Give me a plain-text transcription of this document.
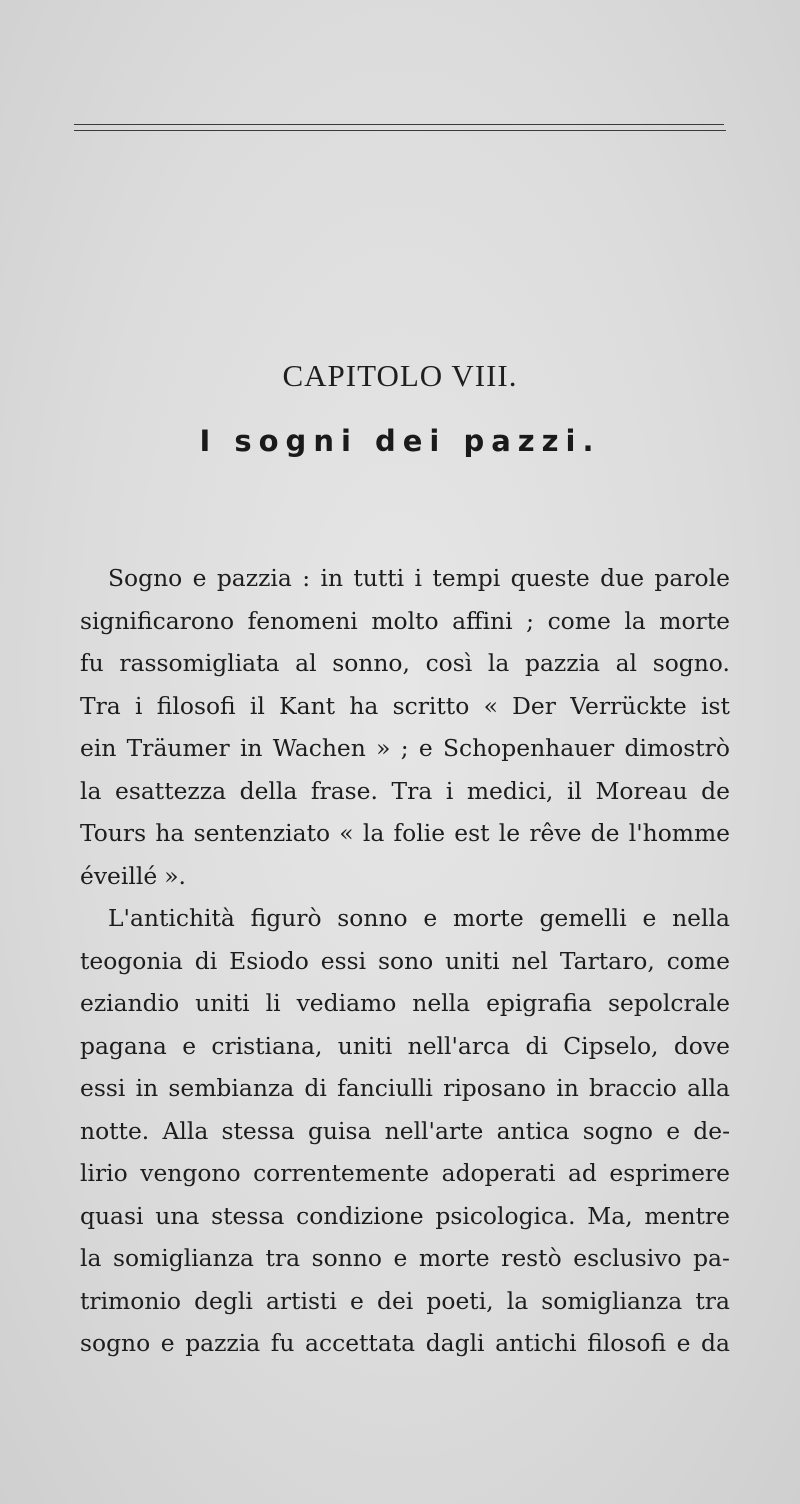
CAPITOLO VIII.
I sogni dei pazzi.
Sogno e pazzia : in tutti i tempi queste due parole
significarono fenomeni molto affini ; come la morte
fu rassomigliata al sonno, così la pazzia al sogno.
Tra i filosofi il Kant ha scritto « Der Verrückte ist
ein Träumer in Wachen » ; e Schopenhauer dimostrò
la esattezza della frase. Tra i medici, il Moreau de
Tours ha sentenziato « la folie est le rêve de l'homme
éveillé ».
L'antichità figurò sonno e morte gemelli e nella
teogonia di Esiodo essi sono uniti nel Tartaro, come
eziandio uniti li vediamo nella epigrafia sepolcrale
pagana e cristiana, uniti nell'arca di Cipselo, dove
essi in sembianza di fanciulli riposano in braccio alla
notte. Alla stessa guisa nell'arte antica sogno e de-
lirio vengono correntemente adoperati ad esprimere
quasi una stessa condizione psicologica. Ma, mentre
la somiglianza tra sonno e morte restò esclusivo pa-
trimonio degli artisti e dei poeti, la somiglianza tra
sogno e pazzia fu accettata dagli antichi filosofi e da
